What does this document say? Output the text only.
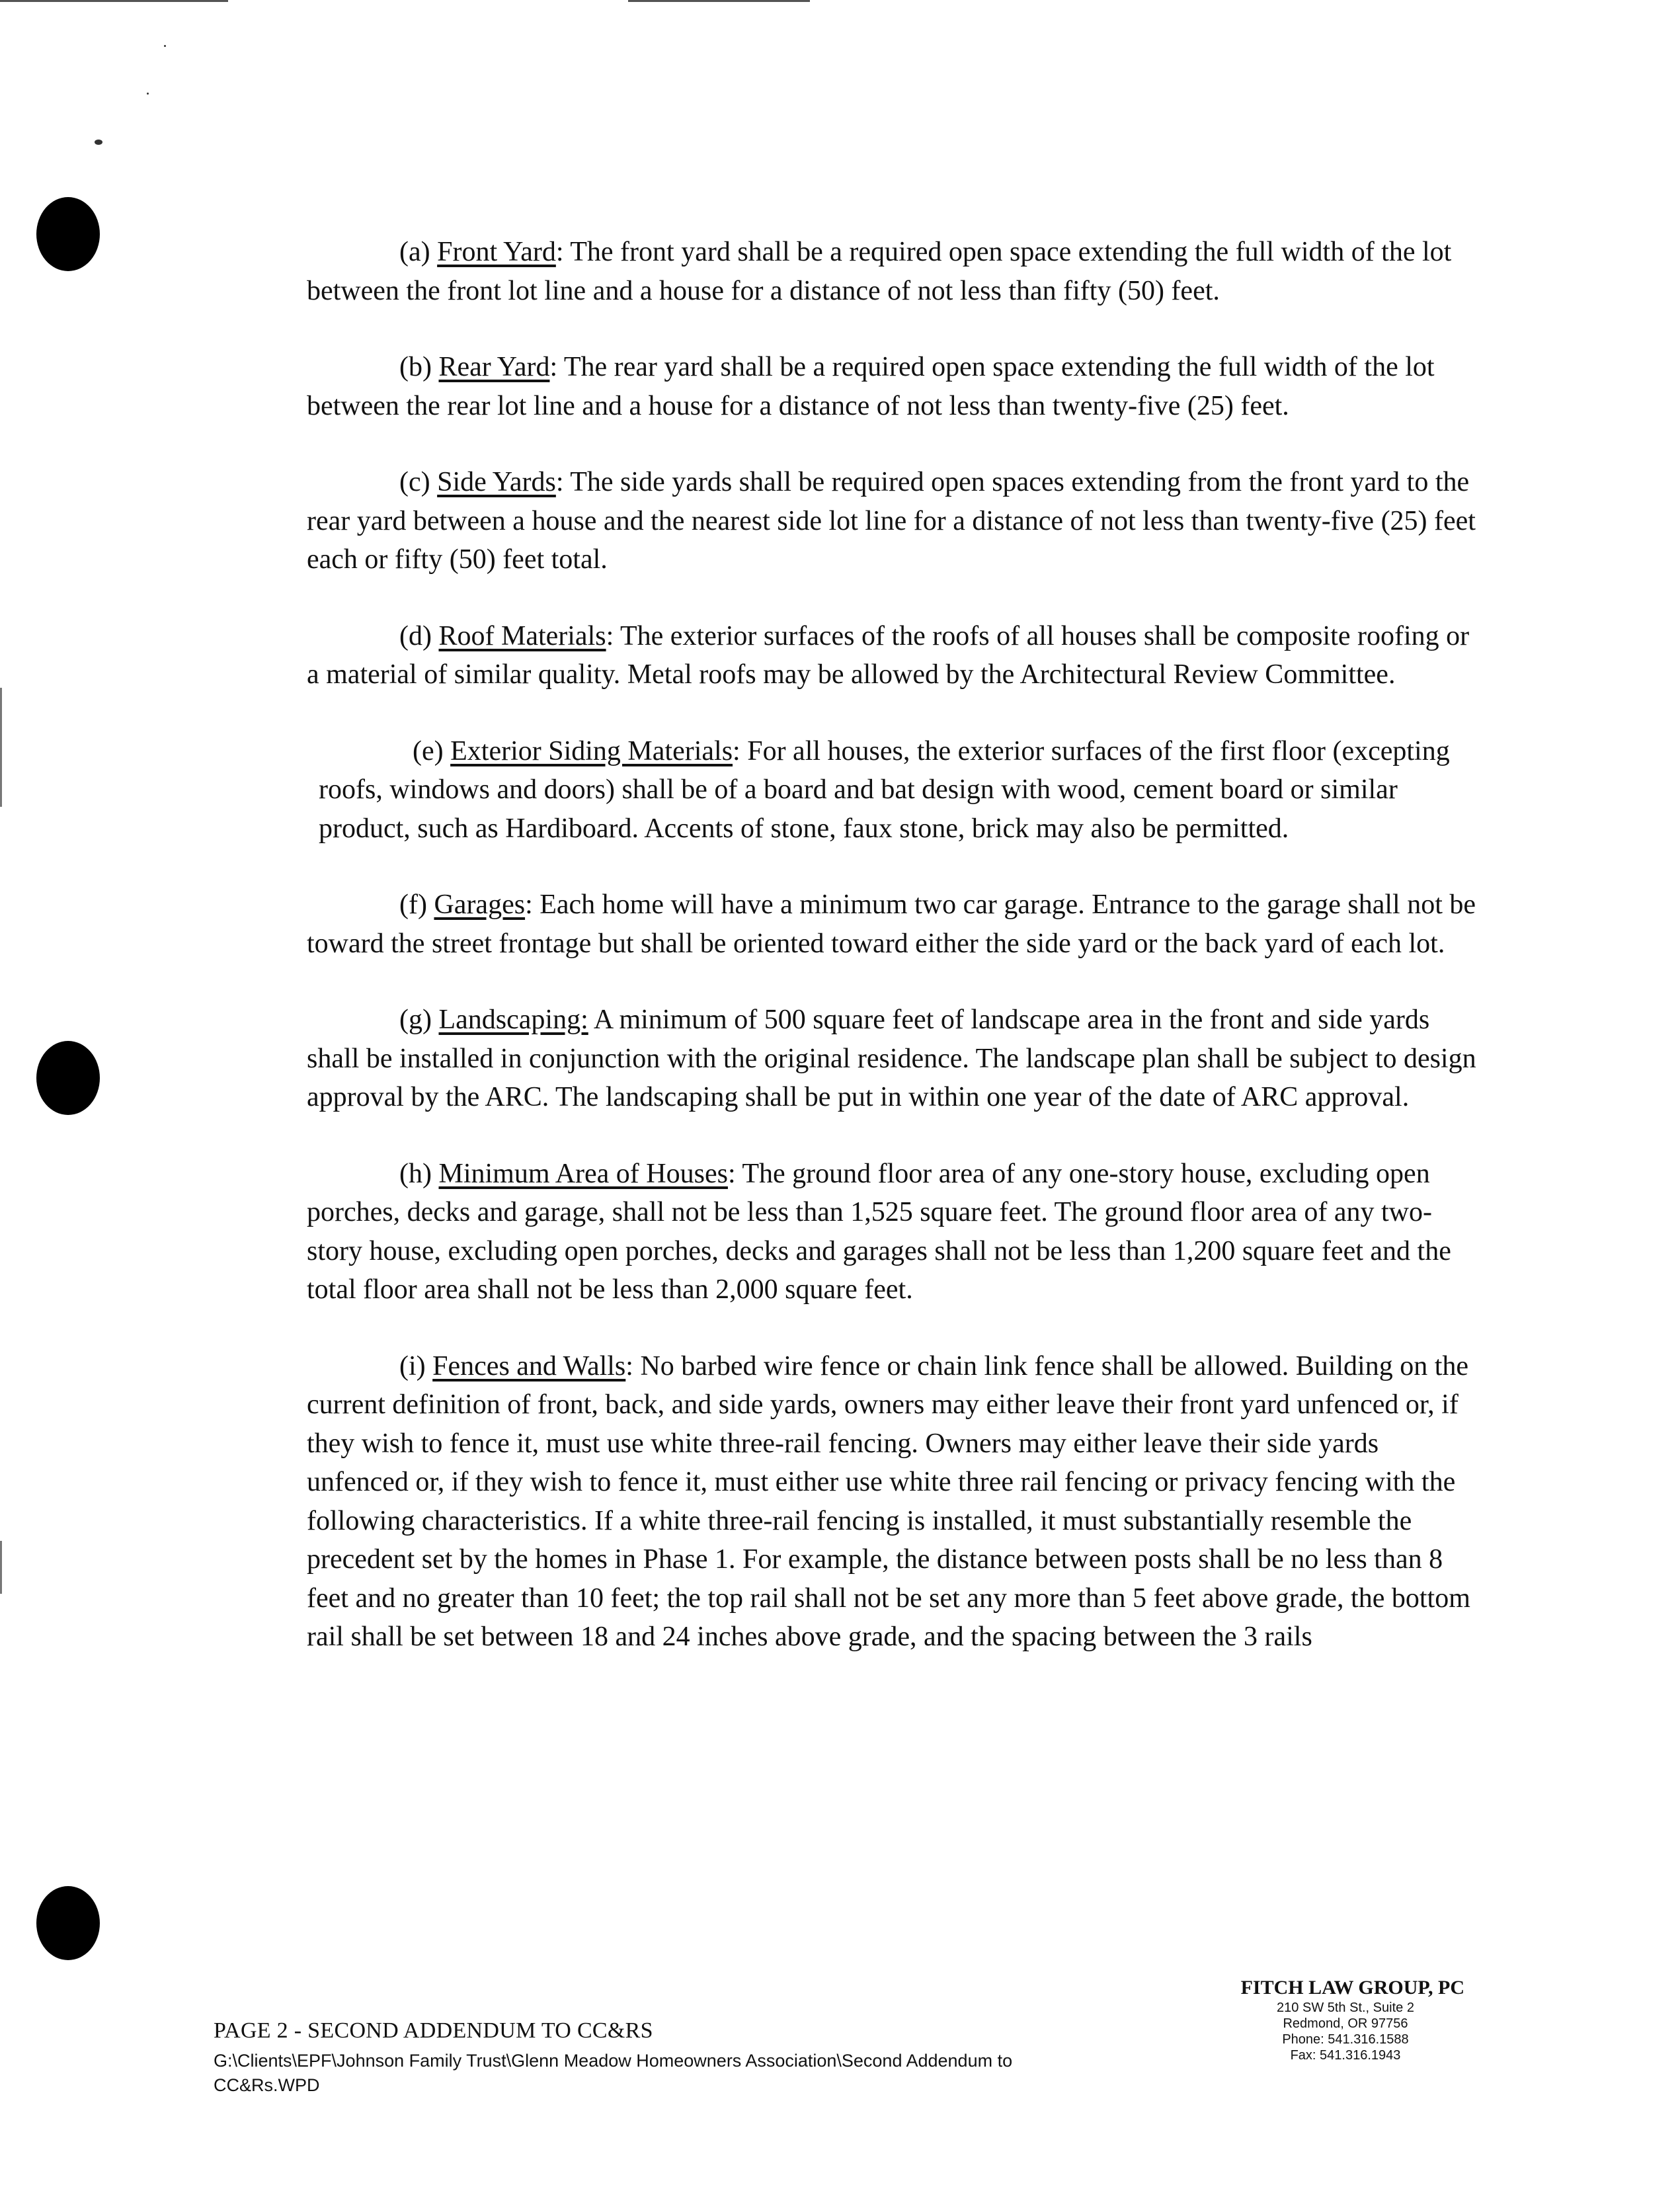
(a) Front Yard: The front yard shall be a required open space extending the full width of the lot between the front lot line and a house for a distance of not less than fifty (50) feet.

(b) Rear Yard: The rear yard shall be a required open space extending the full width of the lot between the rear lot line and a house for a distance of not less than twenty-five (25) feet.

(c) Side Yards: The side yards shall be required open spaces extending from the front yard to the rear yard between a house and the nearest side lot line for a distance of not less than twenty-five (25) feet each or fifty (50) feet total.

(d) Roof Materials: The exterior surfaces of the roofs of all houses shall be composite roofing or a material of similar quality. Metal roofs may be allowed by the Architectural Review Committee.

(e) Exterior Siding Materials: For all houses, the exterior surfaces of the first floor (excepting roofs, windows and doors) shall be of a board and bat design with wood, cement board or similar product, such as Hardiboard. Accents of stone, faux stone, brick may also be permitted.

(f) Garages: Each home will have a minimum two car garage. Entrance to the garage shall not be toward the street frontage but shall be oriented toward either the side yard or the back yard of each lot.

(g) Landscaping: A minimum of 500 square feet of landscape area in the front and side yards shall be installed in conjunction with the original residence. The landscape plan shall be subject to design approval by the ARC. The landscaping shall be put in within one year of the date of ARC approval.

(h) Minimum Area of Houses: The ground floor area of any one-story house, excluding open porches, decks and garage, shall not be less than 1,525 square feet. The ground floor area of any two-story house, excluding open porches, decks and garages shall not be less than 1,200 square feet and the total floor area shall not be less than 2,000 square feet.

(i) Fences and Walls: No barbed wire fence or chain link fence shall be allowed. Building on the current definition of front, back, and side yards, owners may either leave their front yard unfenced or, if they wish to fence it, must use white three-rail fencing. Owners may either leave their side yards unfenced or, if they wish to fence it, must either use white three rail fencing or privacy fencing with the following characteristics. If a white three-rail fencing is installed, it must substantially resemble the precedent set by the homes in Phase 1. For example, the distance between posts shall be no less than 8 feet and no greater than 10 feet; the top rail shall not be set any more than 5 feet above grade, the bottom rail shall be set between 18 and 24 inches above grade, and the spacing between the 3 rails

PAGE 2 - SECOND ADDENDUM TO CC&RS
G:\Clients\EPF\Johnson Family Trust\Glenn Meadow Homeowners Association\Second Addendum to
CC&Rs.WPD
FITCH LAW GROUP, PC
210 SW 5th St., Suite 2
Redmond, OR 97756
Phone: 541.316.1588
Fax: 541.316.1943
